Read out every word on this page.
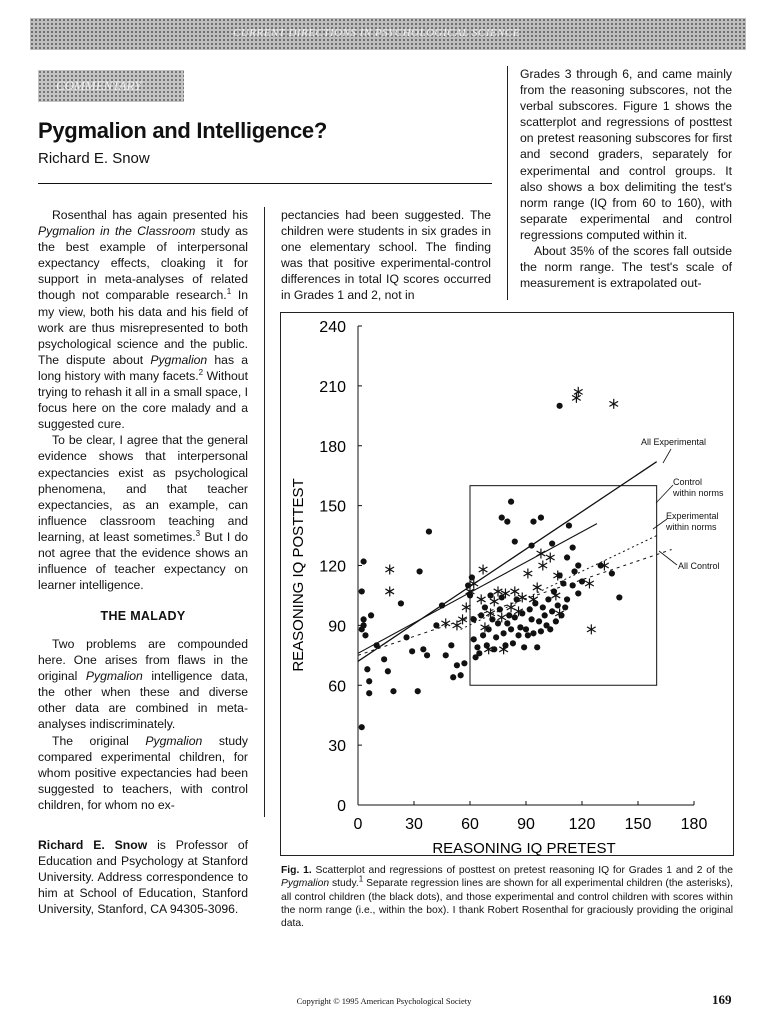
CURRENT DIRECTIONS IN PSYCHOLOGICAL SCIENCE
COMMENTARY
Pygmalion and Intelligence?
Richard E. Snow

Rosenthal has again presented his Pygmalion in the Classroom study as the best example of interpersonal expectancy effects, cloaking it for support in meta-analyses of related though not comparable research.$^1$ In my view, both his data and his field of work are thus misrepresented to both psychological science and the public. The dispute about Pygmalion has a long history with many facets.$^2$ Without trying to rehash it all in a small space, I focus here on the core malady and a suggested cure.

To be clear, I agree that the general evidence shows that interpersonal expectancies exist as psychological phenomena, and that teacher expectancies, as an example, can influence classroom teaching and learning, at least sometimes.$^3$ But I do not agree that the evidence shows an influence of teacher expectancy on learner intelligence.

THE MALADY

Two problems are compounded here. One arises from flaws in the original Pygmalion intelligence data, the other when these and diverse other data are combined in meta-analyses indiscriminately.

The original Pygmalion study compared experimental children, for whom positive expectancies had been suggested to teachers, with control children, for whom no ex-

Richard E. Snow is Professor of Education and Psychology at Stanford University. Address correspondence to him at School of Education, Stanford University, Stanford, CA 94305-3096.

pectancies had been suggested. The children were students in six grades in one elementary school. The finding was that positive experimental-control differences in total IQ scores occurred in Grades 1 and 2, not in

Grades 3 through 6, and came mainly from the reasoning subscores, not the verbal subscores. Figure 1 shows the scatterplot and regressions of posttest on pretest reasoning subscores for first and second graders, separately for experimental and control groups. It also shows a box delimiting the test's norm range (IQ from 60 to 160), with separate experimental and control regressions computed within it.

About 35% of the scores fall outside the norm range. The test's scale of measurement is extrapolated out-

0
30
60
90
120
150
180
210
240
0	30 60 90 120 150 180
REASONING IQ POSTTEST
REASONING IQ PRETEST
All Experimental
Control within norms
Experimental within norms
All Control
Fig. 1. Scatterplot and regressions of posttest on pretest reasoning IQ for Grades 1 and 2 of the Pygmalion study.$^1$ Separate regression lines are shown for all experimental children (the asterisks), all control children (the black dots), and those experimental and control children with scores within the norm range (i.e., within the box). I thank Robert Rosenthal for graciously providing the original data.
Copyright © 1995 American Psychological Society	169
